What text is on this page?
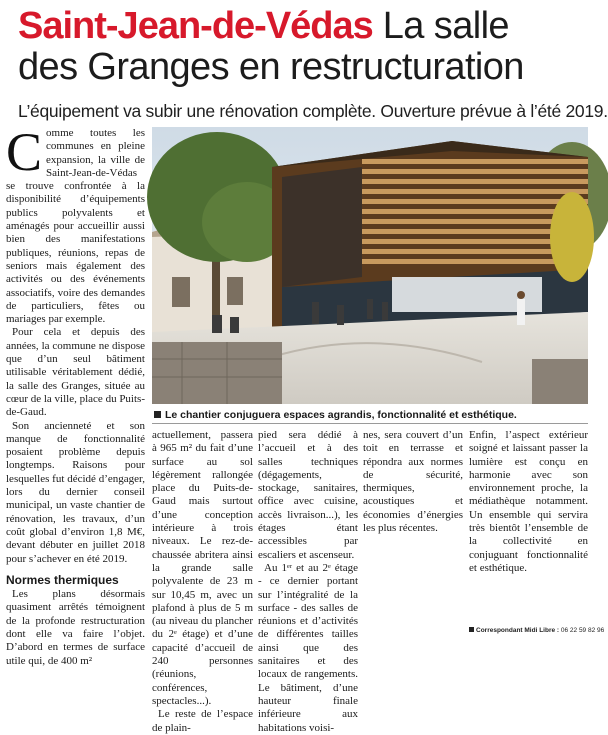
Saint-Jean-de-Védas La salle
des Granges en restructuration
L’équipement va subir une rénovation complète. Ouverture prévue à l’été 2019.

Comme toutes les communes en pleine expansion, la ville de Saint-Jean-de-Védas se trouve confrontée à la disponibilité d’équipements publics polyvalents et aménagés pour accueillir aussi bien des manifestations publiques, réunions, repas de seniors mais également des activités ou des événements associatifs, voire des demandes de particuliers, fêtes ou mariages par exemple.

Pour cela et depuis des années, la commune ne dispose que d’un seul bâtiment utilisable véritablement dédié, la salle des Granges, située au cœur de la ville, place du Puits-de-Gaud.

Son ancienneté et son manque de fonctionnalité posaient problème depuis longtemps. Raisons pour lesquelles fut décidé d’engager, lors du dernier conseil municipal, un vaste chantier de rénovation, les travaux, d’un coût global d’environ 1,8 M€, devant débuter en juillet 2018 pour s’achever en été 2019.

Normes thermiques

Les plans désormais quasiment arrêtés témoignent de la profonde restructuration dont elle va faire l’objet. D’abord en termes de surface utile qui, de 400 m²

Le chantier conjuguera espaces agrandis, fonctionnalité et esthétique.

actuellement, passera à 965 m² du fait d’une surface au sol légèrement rallongée place du Puits-de-Gaud mais surtout d’une conception intérieure à trois niveaux. Le rez-de-chaussée abritera ainsi la grande salle polyvalente de 23 m sur 10,45 m, avec un plafond à plus de 5 m (au niveau du plancher du 2ᵉ étage) et d’une capacité d’accueil de 240 personnes (réunions, conférences, spectacles...).

Le reste de l’espace de plain-

pied sera dédié à l’accueil et à des salles techniques (dégagements, stockage, sanitaires, office avec cuisine, accès livraison...), les étages étant accessibles par escaliers et ascenseur.

Au 1ᵉʳ et au 2ᵉ étage - ce dernier portant sur l’intégralité de la surface - des salles de réunions et d’activités de différentes tailles ainsi que des sanitaires et des locaux de rangements. Le bâtiment, d’une hauteur finale inférieure aux habitations voisi-

nes, sera couvert d’un toit en terrasse et répondra aux normes de sécurité, thermiques, acoustiques et économies d’énergies les plus récentes.

Enfin, l’aspect extérieur soigné et laissant passer la lumière est conçu en harmonie avec son environnement proche, la médiathèque notamment. Un ensemble qui servira très bientôt l’ensemble de la collectivité en conjuguant fonctionnalité et esthétique.

Correspondant Midi Libre : 06 22 59 82 96
